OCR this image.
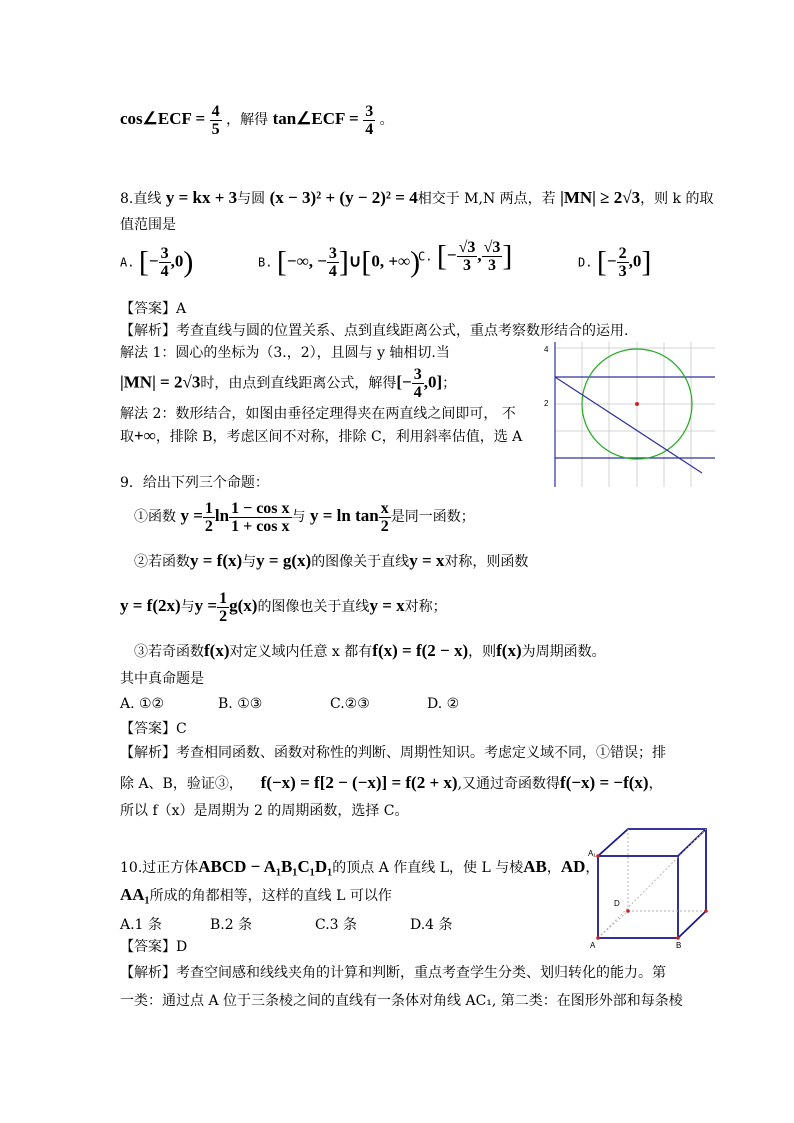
cos∠ECF = $\frac{4}{5}$ ，解得 tan∠ECF = $\frac{3}{4}$ 。
8.直线 y = kx + 3与圆 (x − 3)² + (y − 2)² = 4相交于 M,N 两点，若 |MN| ≥ 2√3，则 k 的取
值范围是
A. [− $\frac{3}{4} ,0$)	B. [−∞, − $\frac{3}{4}$ ]∪[0, +∞)
C. [− $\frac{√3}{3}$ , $\frac{√3}{3}$ ]	D. [− $\frac{2}{3} ,0$]
【答案】A
【解析】考查直线与圆的位置关系、点到直线距离公式，重点考察数形结合的运用.
解法 1：圆心的坐标为（3.，2），且圆与 y 轴相切.当
|MN| = 2√3时，由点到直线距离公式，解得[− $\frac{3}{4} ,0$]；
解法 2：数形结合，如图由垂径定理得夹在两直线之间即可， 不
取+∞，排除 B，考虑区间不对称，排除 C，利用斜率估值，选 A
4
2
9．给出下列三个命题：
①函数 $y = \frac{1}{2}$ $\ln \frac{\text{1 − cos x}}{\text{1 + cos x}}$ 与 $y = \ln \tan \frac{x}{2}$ 是同一函数；
②若函数y = f(x)与y = g(x)的图像关于直线y = x对称，则函数
y = f(2x)与$y = \frac{1}{2} g(x)$的图像也关于直线y = x对称；
③若奇函数f(x)对定义域内任意 x 都有f(x) = f(2 − x)，则f(x)为周期函数。
其中真命题是
A. ①②	B. ①③	C.②③	D. ②
【答案】C
【解析】考查相同函数、函数对称性的判断、周期性知识。考虑定义域不同，①错误；排
除 A、B，验证③， f(−x) = f[2 − (−x)] = f(2 + x),又通过奇函数得f(−x) = −f(x)，
所以 f（x）是周期为 2 的周期函数，选择 C。
10.过正方体ABCD − A₁B₁C₁D₁的顶点 A 作直线 L，使 L 与棱AB，AD，
AA₁所成的角都相等，这样的直线 L 可以作
A.1 条	B.2 条	C.3 条	D.4 条
【答案】D
【解析】考查空间感和线线夹角的计算和判断，重点考查学生分类、划归转化的能力。第
一类：通过点 A 位于三条棱之间的直线有一条体对角线 AC₁, 第二类：在图形外部和每条棱
A₁
D
A	B
